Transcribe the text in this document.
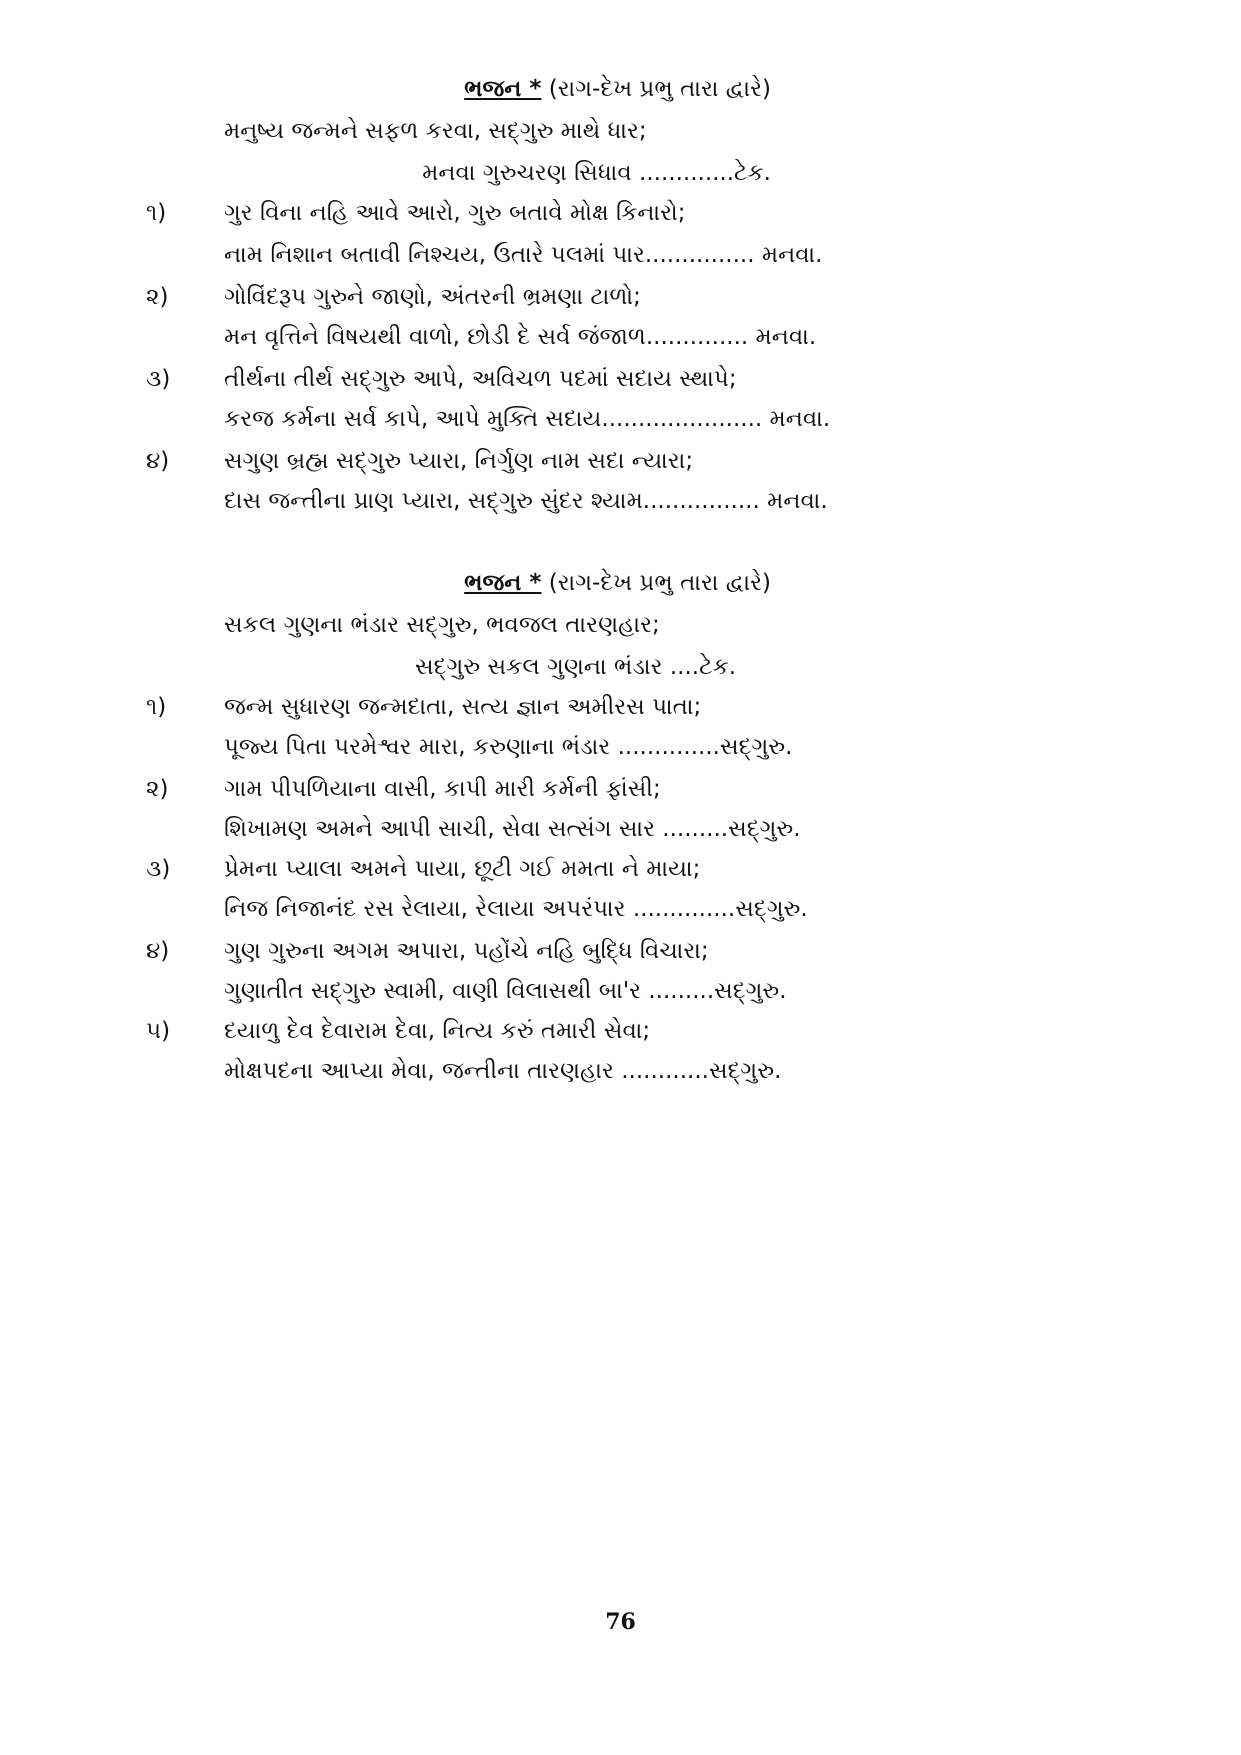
ભજન * (રાગ-દેખ પ્રભુ તારા દ્વારે)
મનુષ્ય જન્મને સફળ કરવા, સદ્‌ગુરુ માથે ધાર;
મનવા ગુરુચરણ સિધાવ .............ટેક.
૧)	ગુર વિના નહિ આવે આરો, ગુરુ બતાવે મોક્ષ કિનારો;
નામ નિશાન બતાવી નિશ્ચય, ઉતારે પલમાં પાર............... મનવા.
૨) ગોવિંદરૂપ ગુરુને જાણો, અંતરની ભ્રમણા ટાળો;
મન વૃત્તિને વિષયથી વાળો, છોડી દે સર્વ જંજાળ.............. મનવા.
૩) તીર્થના તીર્થ સદ્‌ગુરુ આપે, અવિચળ પદમાં સદાય સ્થાપે;
કરજ કર્મના સર્વ કાપે, આપે મુક્તિ સદાય...................... મનવા.
૪) સગુણ બ્રહ્મ સદ્‌ગુરુ પ્યારા, નિર્ગુણ નામ સદા ન્યારા;
દાસ જન્તીના પ્રાણ પ્યારા, સદ્‌ગુરુ સુંદર શ્યામ................ મનવા.
ભજન * (રાગ-દેખ પ્રભુ તારા દ્વારે)
સકલ ગુણના ભંડાર સદ્‌ગુરુ, ભવજલ તારણહાર;
સદ્‌ગુરુ સકલ ગુણના ભંડાર ....ટેક.
૧)	જન્મ સુધારણ જન્મદાતા, સત્ય જ્ઞાન અમીરસ પાતા;
પૂજ્ય પિતા પરમેશ્વર મારા, કરુણાના ભંડાર ..............સદ્‌ગુરુ.
૨) ગામ પીપળિયાના વાસી, કાપી મારી કર્મની ફાંસી;
શિખામણ અમને આપી સાચી, સેવા સત્સંગ સાર .........સદ્‌ગુરુ.
૩) પ્રેમના પ્યાલા અમને પાયા, છૂટી ગઈ મમતા ને માયા;
નિજ નિજાનંદ રસ રેલાયા, રેલાયા અપરંપાર ..............સદ્‌ગુરુ.
૪) ગુણ ગુરુના અગમ અપારા, પહોંચે નહિ બુદ્ધિ વિચારા;
ગુણાતીત સદ્‌ગુરુ સ્વામી, વાણી વિલાસથી બા'ર .........સદ્‌ગુરુ.
૫) દયાળુ દેવ દેવારામ દેવા, નિત્ય કરું તમારી સેવા;
મોક્ષપદના આપ્યા મેવા, જન્તીના તારણહાર ............સદ્‌ગુરુ.
76
